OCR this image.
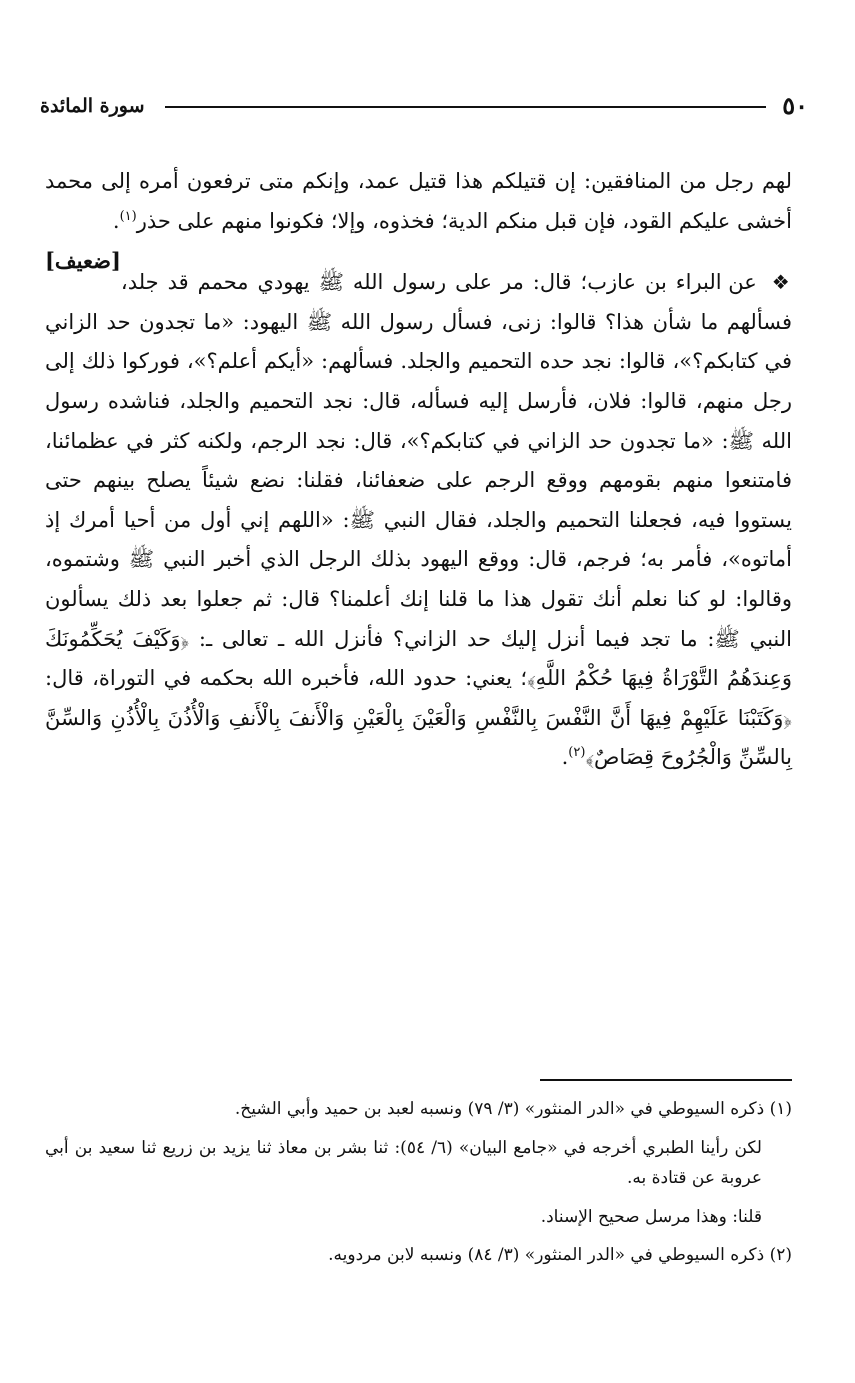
٥٠
سورة المائدة

لهم رجل من المنافقين: إن قتيلكم هذا قتيل عمد، وإنكم متى ترفعون أمره إلى محمد أخشى عليكم القود، فإن قبل منكم الدية؛ فخذوه، وإلا؛ فكونوا منهم على حذر$^{(١)}$.
[ضعيف]

❖ عن البراء بن عازب؛ قال: مر على رسول الله ﷺ يهودي محمم قد جلد، فسألهم ما شأن هذا؟ قالوا: زنى، فسأل رسول الله ﷺ اليهود: «ما تجدون حد الزاني في كتابكم؟»، قالوا: نجد حده التحميم والجلد. فسألهم: «أيكم أعلم؟»، فوركوا ذلك إلى رجل منهم، قالوا: فلان، فأرسل إليه فسأله، قال: نجد التحميم والجلد، فناشده رسول الله ﷺ: «ما تجدون حد الزاني في كتابكم؟»، قال: نجد الرجم، ولكنه كثر في عظمائنا، فامتنعوا منهم بقومهم ووقع الرجم على ضعفائنا، فقلنا: نضع شيئاً يصلح بينهم حتى يستووا فيه، فجعلنا التحميم والجلد، فقال النبي ﷺ: «اللهم إني أول من أحيا أمرك إذ أماتوه»، فأمر به؛ فرجم، قال: ووقع اليهود بذلك الرجل الذي أخبر النبي ﷺ وشتموه، وقالوا: لو كنا نعلم أنك تقول هذا ما قلنا إنك أعلمنا؟ قال: ثم جعلوا بعد ذلك يسألون النبي ﷺ: ما تجد فيما أنزل إليك حد الزاني؟ فأنزل الله ـ تعالى ـ: ﴿وَكَيْفَ يُحَكِّمُونَكَ وَعِندَهُمُ التَّوْرَاةُ فِيهَا حُكْمُ اللَّهِ﴾؛ يعني: حدود الله، فأخبره الله بحكمه في التوراة، قال: ﴿وَكَتَبْنَا عَلَيْهِمْ فِيهَا أَنَّ النَّفْسَ بِالنَّفْسِ وَالْعَيْنَ بِالْعَيْنِ وَالْأَنفَ بِالْأَنفِ وَالْأُذُنَ بِالْأُذُنِ وَالسِّنَّ بِالسِّنِّ وَالْجُرُوحَ قِصَاصٌ﴾$^{(٢)}$.

(١) ذكره السيوطي في «الدر المنثور» (٣/ ٧٩) ونسبه لعبد بن حميد وأبي الشيخ.

لكن رأينا الطبري أخرجه في «جامع البيان» (٦/ ٥٤): ثنا بشر بن معاذ ثنا يزيد بن زريع ثنا سعيد بن أبي عروبة عن قتادة به.

قلنا: وهذا مرسل صحيح الإسناد.

(٢) ذكره السيوطي في «الدر المنثور» (٣/ ٨٤) ونسبه لابن مردويه.
